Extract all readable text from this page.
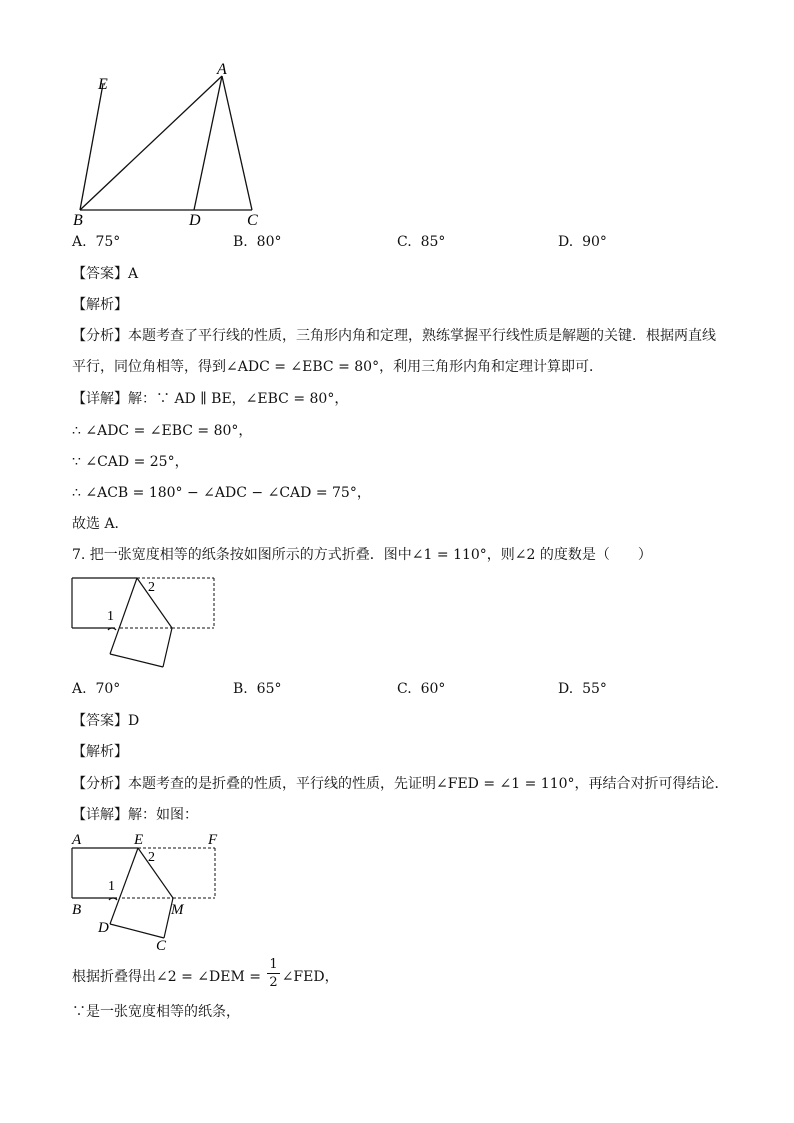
E
A
B	D	C
A. 75°	B. 80°	C. 85°	D. 90°
【答案】A
【解析】
【分析】本题考查了平行线的性质，三角形内角和定理，熟练掌握平行线性质是解题的关键．根据两直线
平行，同位角相等，得到∠ADC = ∠EBC = 80°，利用三角形内角和定理计算即可．
【详解】解：∵ AD ∥ BE，∠EBC = 80°，
∴ ∠ADC = ∠EBC = 80°，
∵ ∠CAD = 25°，
∴ ∠ACB = 180° − ∠ADC − ∠CAD = 75°，
故选 A．
7. 把一张宽度相等的纸条按如图所示的方式折叠．图中∠1 = 110°，则∠2 的度数是（　　）
2
1
A. 70°	B. 65°	C. 60°	D. 55°
【答案】D
【解析】
【分析】本题考查的是折叠的性质，平行线的性质，先证明∠FED = ∠1 = 110°，再结合对折可得结论．
【详解】解：如图：
A	E	F
2
1
B	M
D
C
根据折叠得出∠2 = ∠DEM = $\frac{1}{2}$ ∠FED，
∵是一张宽度相等的纸条，
